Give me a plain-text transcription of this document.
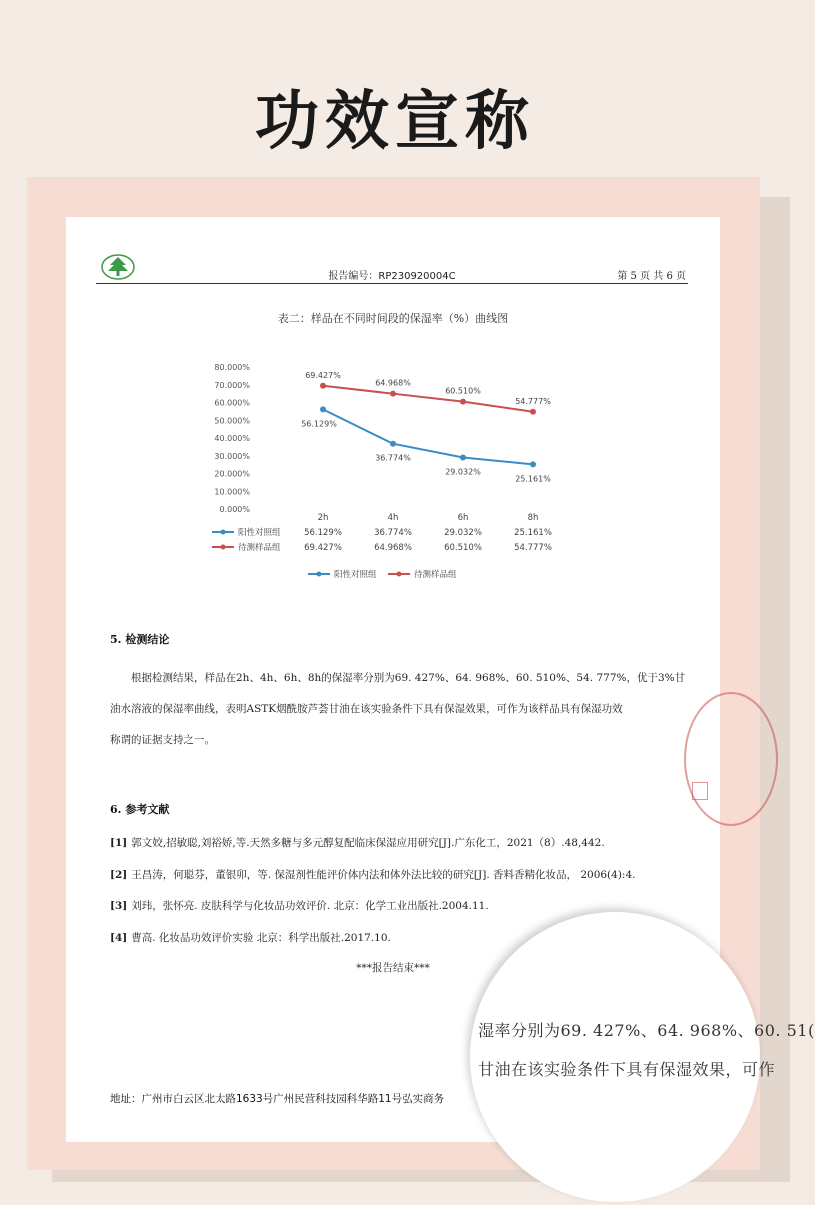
功效宣称
报告编号：RP230920004C	第 5 页 共 6 页
表二：样品在不同时间段的保湿率（%）曲线图
0.000%
10.000%
20.000%
30.000%
40.000%
50.000%
60.000%
70.000%
80.000%
56.129%
36.774%
29.032%
25.161%
69.427%
64.968%
60.510%
54.777%
2h	4h	6h	8h
阳性对照组	56.129%	36.774%	29.032%	25.161%
待测样品组	69.427%	64.968%	60.510%	54.777%
阳性对照组	待测样品组
5. 检测结论
根据检测结果，样品在2h、4h、6h、8h的保湿率分别为69. 427%、64. 968%、60. 510%、54. 777%，优于3%甘
油水溶液的保湿率曲线，表明ASTK烟酰胺芦荟甘油在该实验条件下具有保湿效果，可作为该样品具有保湿功效
称谓的证据支持之一。
6. 参考文献
[1] 郭文姣,招敏聪,刘裕娇,等.天然多糖与多元醇复配临床保湿应用研究[J].广东化工，2021（8）.48,442.
[2] 王昌涛，何聪芬，董银卯，等. 保湿剂性能评价体内法和体外法比较的研究[J]. 香料香精化妆品， 2006(4):4.
[3] 刘玮，张怀亮. 皮肤科学与化妆品功效评价. 北京：化学工业出版社.2004.11.
[4] 曹高. 化妆品功效评价实验 北京：科学出版社.2017.10.
***报告结束***
地址：广州市白云区北太路1633号广州民营科技园科华路11号弘实商务
湿率分别为69. 427%、64. 968%、60. 51(
甘油在该实验条件下具有保湿效果，可作
